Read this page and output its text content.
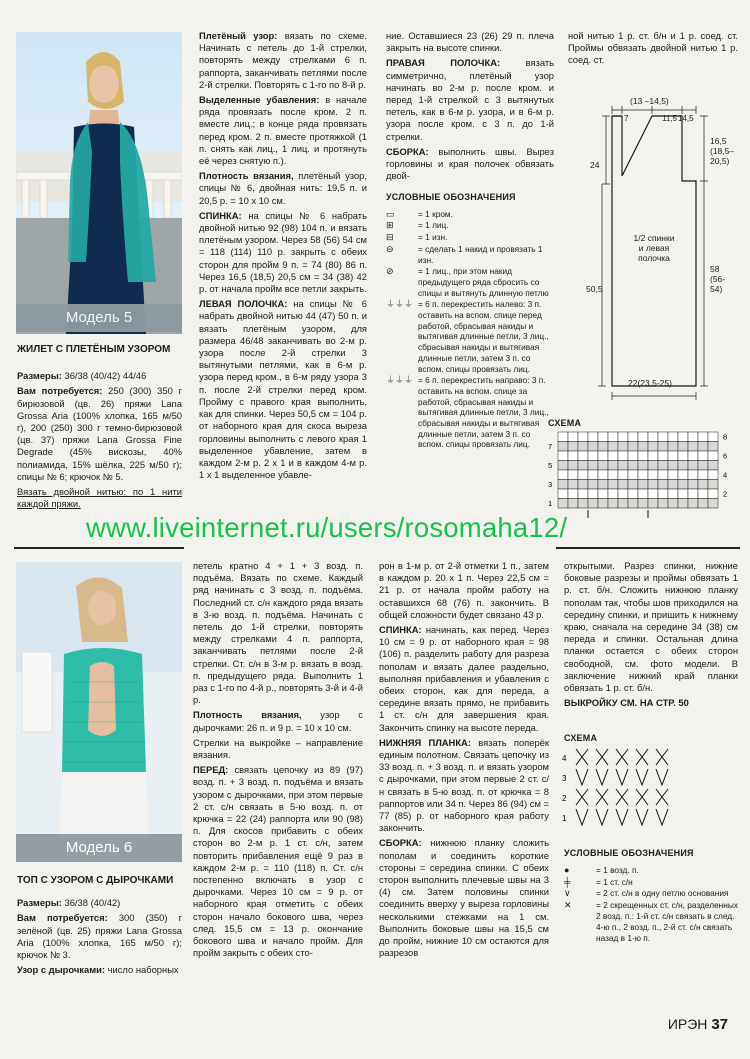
Модель 5
ЖИЛЕТ С ПЛЕТЁНЫМ УЗОРОМ

Размеры: 36/38 (40/42) 44/46

Вам потребуется: 250 (300) 350 г бирюзовой (цв. 26) пряжи Lana Grossa Aria (100% хлопка, 165 м/50 г), 200 (250) 300 г темно-бирюзовой (цв. 37) пряжи Lana Grossa Fine Degrade (45% вискозы, 40% полиамида, 15% шёлка, 225 м/50 г); спицы № 6; крючок № 5.

Вязать двойной нитью: по 1 нити каждой пряжи.

Плетёный узор: вязать по схеме. Начинать с петель до 1-й стрелки, повторять между стрелками 6 п. раппорта, заканчивать петлями после 2-й стрелки. Повторять с 1-го по 8-й р.

Выделенные убавления: в начале ряда провязать после кром. 2 п. вместе лиц.; в конце ряда провязать перед кром. 2 п. вместе протяжкой (1 п. снять как лиц., 1 лиц. и протянуть её через снятую п.).

Плотность вязания, плетёный узор, спицы № 6, двойная нить: 19,5 п. и 20,5 р. = 10 х 10 см.

СПИНКА: на спицы № 6 набрать двойной нитью 92 (98) 104 п. и вязать плетёным узором. Через 58 (56) 54 см = 118 (114) 110 р. закрыть с обеих сторон для пройм 9 п. = 74 (80) 86 п. Через 16,5 (18,5) 20,5 см = 34 (38) 42 р. от начала пройм все петли закрыть.

ЛЕВАЯ ПОЛОЧКА: на спицы № 6 набрать двойной нитью 44 (47) 50 п. и вязать плетёным узором, для размера 46/48 заканчивать во 2-м р. узора после 2-й стрелки 3 вытянутыми петлями, как в 6-м р. узора перед кром., в 6-м ряду узора 3 п. после 2-й стрелки перед кром. Пройму с правого края выполнить, как для спинки. Через 50,5 см = 104 р. от наборного края для скоса выреза горловины выполнить с левого края 1 выделенное убавление, затем в каждом 2-м р. 2 х 1 и в каждом 4-м р. 1 х 1 выделенное убавле-

ние. Оставшиеся 23 (26) 29 п. плеча закрыть на высоте спинки.

ПРАВАЯ ПОЛОЧКА:	вязать симметрично, плетёный узор начинать во 2-м р. после кром. и перед 1-й стрелкой с 3 вытянутых петель, как в 6-м р. узора, и в 6-м р. узора после кром. с 3 п. до 1-й стрелки.

СБОРКА: выполнить швы. Вырез горловины и края полочек обвязать двой-

ной нитью 1 р. ст. б/н и 1 р. соед. ст. Проймы обвязать двойной нитью 1 р. соед. ст.
УСЛОВНЫЕ ОБОЗНАЧЕНИЯ
▭	= 1 кром.
⊞	= 1 лиц.
⊟	= 1 изн.
⊖	= сделать 1 накид и провязать 1 изн.
⊘	= 1 лиц., при этом накид предыдущего ряда сбросить со спицы и вытянуть длинную петлю
⏚⏚⏚ = 6 п. перекрестить налево: 3 п. оставить на вспом. спице перед работой, сбрасывая накиды и вытягивая длинные петли, 3 лиц., сбрасывая накиды и вытягивая длинные петли, затем 3 п. со вспом. спицы провязать лиц.
⏚⏚⏚ = 6 п. перекрестить направо: 3 п. оставить на вспом. спице за работой, сбрасывая накиды и вытягивая длинные петли, 3 лиц., сбрасывая накиды и вытягивая длинные петли, затем 3 п. со вспом. спицы провязать лиц.
(13 –14,5)
7	11,5 14,5
24
50,5
22(23,5-25)
16,5
(18,5–
20,5)
1/2 спинки
и левая
полочка
58
(56-
54)
СХЕМА
8
7
6
5
4
3
2
1
www.liveinternet.ru/users/rosomaha12/
Модель 6
ТОП С УЗОРОМ С ДЫРОЧКАМИ

Размеры: 36/38 (40/42)

Вам потребуется: 300 (350) г зелёной (цв. 25) пряжи Lana Grossa Aria (100% хлопка, 165 м/50 г); крючок № 3.

Узор с дырочками: число наборных

петель кратно 4 + 1 + 3 возд. п. подъёма. Вязать по схеме. Каждый ряд начинать с 3 возд. п. подъёма. Последний ст. с/н каждого ряда вязать в 3-ю возд. п. подъёма. Начинать с петель до 1-й стрелки, повторять между стрелками 4 п. раппорта, заканчивать петлями после 2-й стрелки. Ст. с/н в 3-м р. вязать в возд. п. предыдущего ряда. Выполнить 1 раз с 1-го по 4-й р., повторять 3-й и 4-й р.

Плотность вязания, узор с дырочками: 26 п. и 9 р. = 10 х 10 см.

Стрелки на выкройке – направление вязания.

ПЕРЕД: связать цепочку из 89 (97) возд. п. + 3 возд. п. подъёма и вязать узором с дырочками, при этом первые 2 ст. с/н связать в 5-ю возд. п. от крючка = 22 (24) раппорта или 90 (98) п. Для скосов прибавить с обеих сторон во 2-м р. 1 ст. с/н, затем повторить прибавления ещё 9 раз в каждом 2-м р. = 110 (118) п. Ст. с/н постепенно включать в узор с дырочками. Через 10 см = 9 р. от наборного края отметить с обеих сторон начало бокового шва, через след. 15,5 см = 13 р. окончание бокового шва и начало пройм. Для пройм закрыть с обеих сто-

рон в 1-м р. от 2-й отметки 1 п., затем в каждом р. 20 х 1 п. Через 22,5 см = 21 р. от начала пройм работу на оставшихся 68 (76) п. закончить. В общей сложности будет связано 43 р.

СПИНКА: начинать, как перед. Через 10 см = 9 р. от наборного края = 98 (106) п. разделить работу для разреза пополам и вязать далее раздельно, выполняя прибавления и убавления с обеих сторон, как для переда, а середине вязать прямо, не прибавить 1 ст. с/н для завершения края. Закончить спинку на высоте переда.

НИЖНЯЯ ПЛАНКА: вязать поперёк единым полотном. Связать цепочку из 33 возд. п. + 3 возд. п. и вязать узором с дырочками, при этом первые 2 ст. с/н связать в 5-ю возд. п. от крючка = 8 раппортов или 34 п. Через 86 (94) см = 77 (85) р. от наборного края работу закончить.

СБОРКА: нижнюю планку сложить пополам и соединить короткие стороны = середина спинки. С обеих сторон выполнить плечевые швы на 3 (4) см. Затем половины спинки соединить вверху у выреза горловины несколькими стежками на 1 см. Выполнить боковые швы на 15,5 см до пройм, нижние 10 см остаются для разрезов

открытыми. Разрез спинки, нижние боковые разрезы и проймы обвязать 1 р. ст. б/н. Сложить нижнюю планку пополам так, чтобы шов приходился на середину спинки, и пришить к нижнему краю, сначала на середине 34 (38) см переда и спинки. Остальная длина планки остается с обеих сторон свободной, см. фото модели. В заключение нижний край планки обвязать 1 р. ст. б/н.

ВЫКРОЙКУ СМ. НА СТР. 50

СХЕМА
4
3
2
1
УСЛОВНЫЕ ОБОЗНАЧЕНИЯ
●	= 1 возд. п.
╪	= 1 ст. с/н
∨	= 2 ст. с/н в одну петлю основания
✕	= 2 скрещенных ст. с/н, разделенных 2 возд. п.: 1-й ст. с/н связать в след. 4-ю п., 2 возд. п., 2-й ст. с/н связать назад в 1-ю п.
ИРЭН 37
